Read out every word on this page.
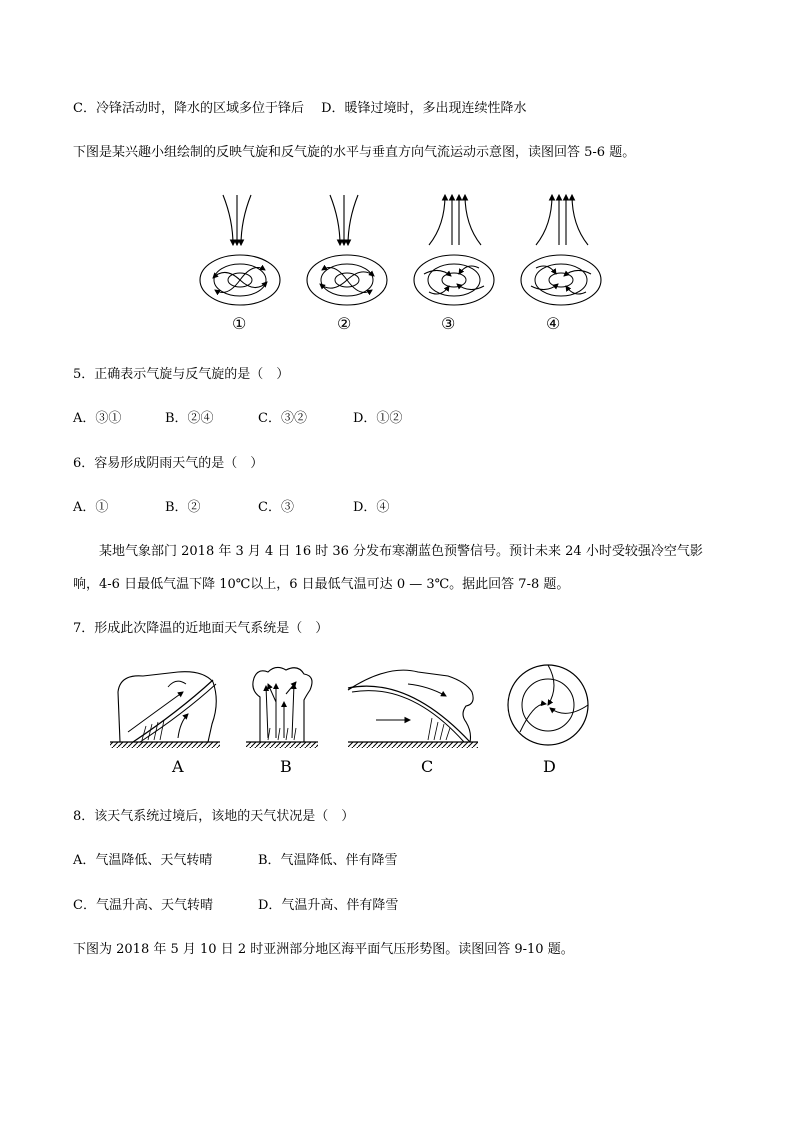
C．冷锋活动时，降水的区域多位于锋后　 D．暖锋过境时，多出现连续性降水
下图是某兴趣小组绘制的反映气旋和反气旋的水平与垂直方向气流运动示意图，读图回答 5-6 题。
①	②	③	④
5．正确表示气旋与反气旋的是（　）
A．③①	B．②④	C．③②	D．①②
6．容易形成阴雨天气的是（　）
A．①	B．②	C．③	D．④
某地气象部门 2018 年 3 月 4 日 16 时 36 分发布寒潮蓝色预警信号。预计未来 24 小时受较强冷空气影
响，4-6 日最低气温下降 10℃以上，6 日最低气温可达 0 — 3℃。据此回答 7-8 题。
7．形成此次降温的近地面天气系统是（　）
A	B	C	D
8．该天气系统过境后，该地的天气状况是（　）
A．气温降低、天气转晴	B．气温降低、伴有降雪
C．气温升高、天气转晴	D．气温升高、伴有降雪
下图为 2018 年 5 月 10 日 2 时亚洲部分地区海平面气压形势图。读图回答 9-10 题。
